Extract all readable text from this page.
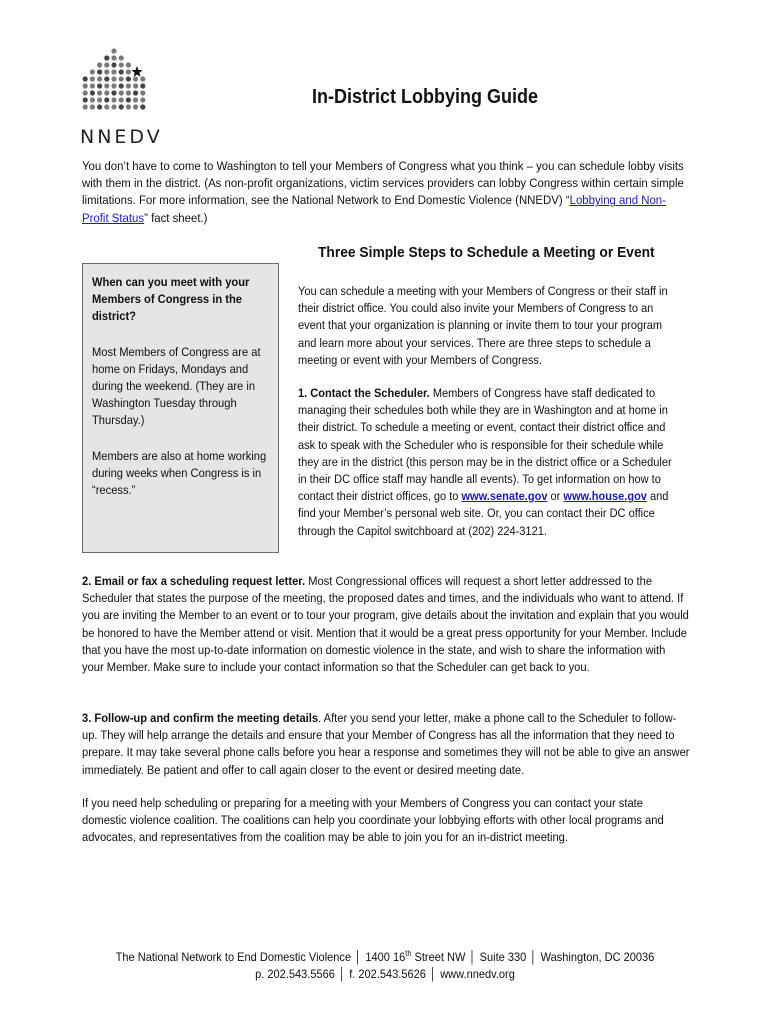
NNEDV
In-District Lobbying Guide
You don’t have to come to Washington to tell your Members of Congress what you think – you can schedule lobby visits with them in the district. (As non-profit organizations, victim services providers can lobby Congress within certain simple limitations. For more information, see the National Network to End Domestic Violence (NNEDV) “Lobbying and Non-Profit Status” fact sheet.)
Three Simple Steps to Schedule a Meeting or Event

When can you meet with your Members of Congress in the district?

Most Members of Congress are at home on Fridays, Mondays and during the weekend. (They are in Washington Tuesday through Thursday.)

Members are also at home working during weeks when Congress is in “recess.”

You can schedule a meeting with your Members of Congress or their staff in their district office. You could also invite your Members of Congress to an event that your organization is planning or invite them to tour your program and learn more about your services. There are three steps to schedule a meeting or event with your Members of Congress.

1. Contact the Scheduler. Members of Congress have staff dedicated to managing their schedules both while they are in Washington and at home in their district. To schedule a meeting or event, contact their district office and ask to speak with the Scheduler who is responsible for their schedule while they are in the district (this person may be in the district office or a Scheduler in their DC office staff may handle all events). To get information on how to contact their district offices, go to www.senate.gov or www.house.gov and find your Member’s personal web site. Or, you can contact their DC office through the Capitol switchboard at (202) 224-3121.

2. Email or fax a scheduling request letter. Most Congressional offices will request a short letter addressed to the Scheduler that states the purpose of the meeting, the proposed dates and times, and the individuals who want to attend. If you are inviting the Member to an event or to tour your program, give details about the invitation and explain that you would be honored to have the Member attend or visit. Mention that it would be a great press opportunity for your Member. Include that you have the most up-to-date information on domestic violence in the state, and wish to share the information with your Member. Make sure to include your contact information so that the Scheduler can get back to you.

3. Follow-up and confirm the meeting details. After you send your letter, make a phone call to the Scheduler to follow-up. They will help arrange the details and ensure that your Member of Congress has all the information that they need to prepare. It may take several phone calls before you hear a response and sometimes they will not be able to give an answer immediately. Be patient and offer to call again closer to the event or desired meeting date.

If you need help scheduling or preparing for a meeting with your Members of Congress you can contact your state domestic violence coalition. The coalitions can help you coordinate your lobbying efforts with other local programs and advocates, and representatives from the coalition may be able to join you for an in-district meeting.

The National Network to End Domestic Violence │ 1400 16th Street NW │ Suite 330 │ Washington, DC 20036
p. 202.543.5566 │ f. 202.543.5626 │ www.nnedv.org
